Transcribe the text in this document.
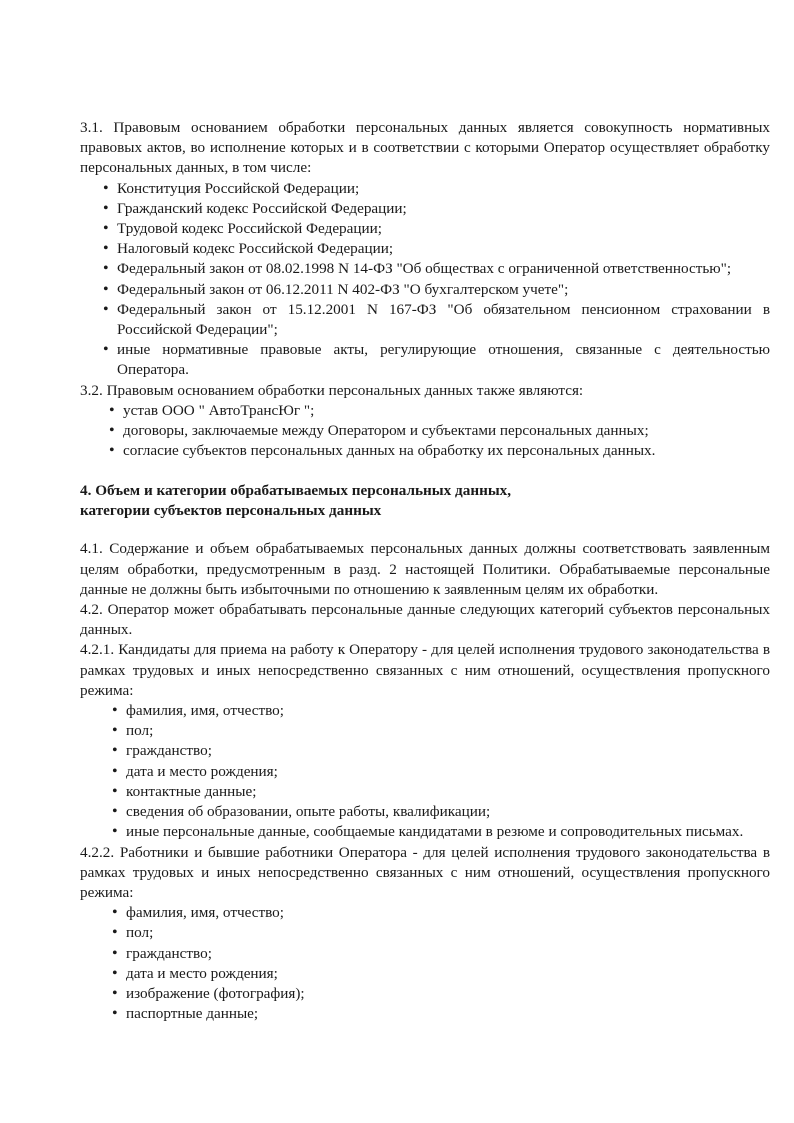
3.1. Правовым основанием обработки персональных данных является совокупность нормативных правовых актов, во исполнение которых и в соответствии с которыми Оператор осуществляет обработку персональных данных, в том числе:

• Конституция Российской Федерации;
• Гражданский кодекс Российской Федерации;
• Трудовой кодекс Российской Федерации;
• Налоговый кодекс Российской Федерации;
• Федеральный закон от 08.02.1998 N 14-ФЗ "Об обществах с ограниченной ответственностью";
• Федеральный закон от 06.12.2011 N 402-ФЗ "О бухгалтерском учете";
• Федеральный закон от 15.12.2001 N 167-ФЗ "Об обязательном пенсионном страховании в Российской Федерации";
• иные нормативные правовые акты, регулирующие отношения, связанные с деятельностью Оператора.

3.2. Правовым основанием обработки персональных данных также являются:

• устав ООО " АвтоТрансЮг ";
• договоры, заключаемые между Оператором и субъектами персональных данных;
• согласие субъектов персональных данных на обработку их персональных данных.
4. Объем и категории обрабатываемых персональных данных,
категории субъектов персональных данных

4.1. Содержание и объем обрабатываемых персональных данных должны соответствовать заявленным целям обработки, предусмотренным в разд. 2 настоящей Политики. Обрабатываемые персональные данные не должны быть избыточными по отношению к заявленным целям их обработки.

4.2. Оператор может обрабатывать персональные данные следующих категорий субъектов персональных данных.

4.2.1. Кандидаты для приема на работу к Оператору - для целей исполнения трудового законодательства в рамках трудовых и иных непосредственно связанных с ним отношений, осуществления пропускного режима:

• фамилия, имя, отчество;
• пол;
• гражданство;
• дата и место рождения;
• контактные данные;
• сведения об образовании, опыте работы, квалификации;
• иные персональные данные, сообщаемые кандидатами в резюме и сопроводительных письмах.

4.2.2. Работники и бывшие работники Оператора - для целей исполнения трудового законодательства в рамках трудовых и иных непосредственно связанных с ним отношений, осуществления пропускного режима:

• фамилия, имя, отчество;
• пол;
• гражданство;
• дата и место рождения;
• изображение (фотография);
• паспортные данные;
